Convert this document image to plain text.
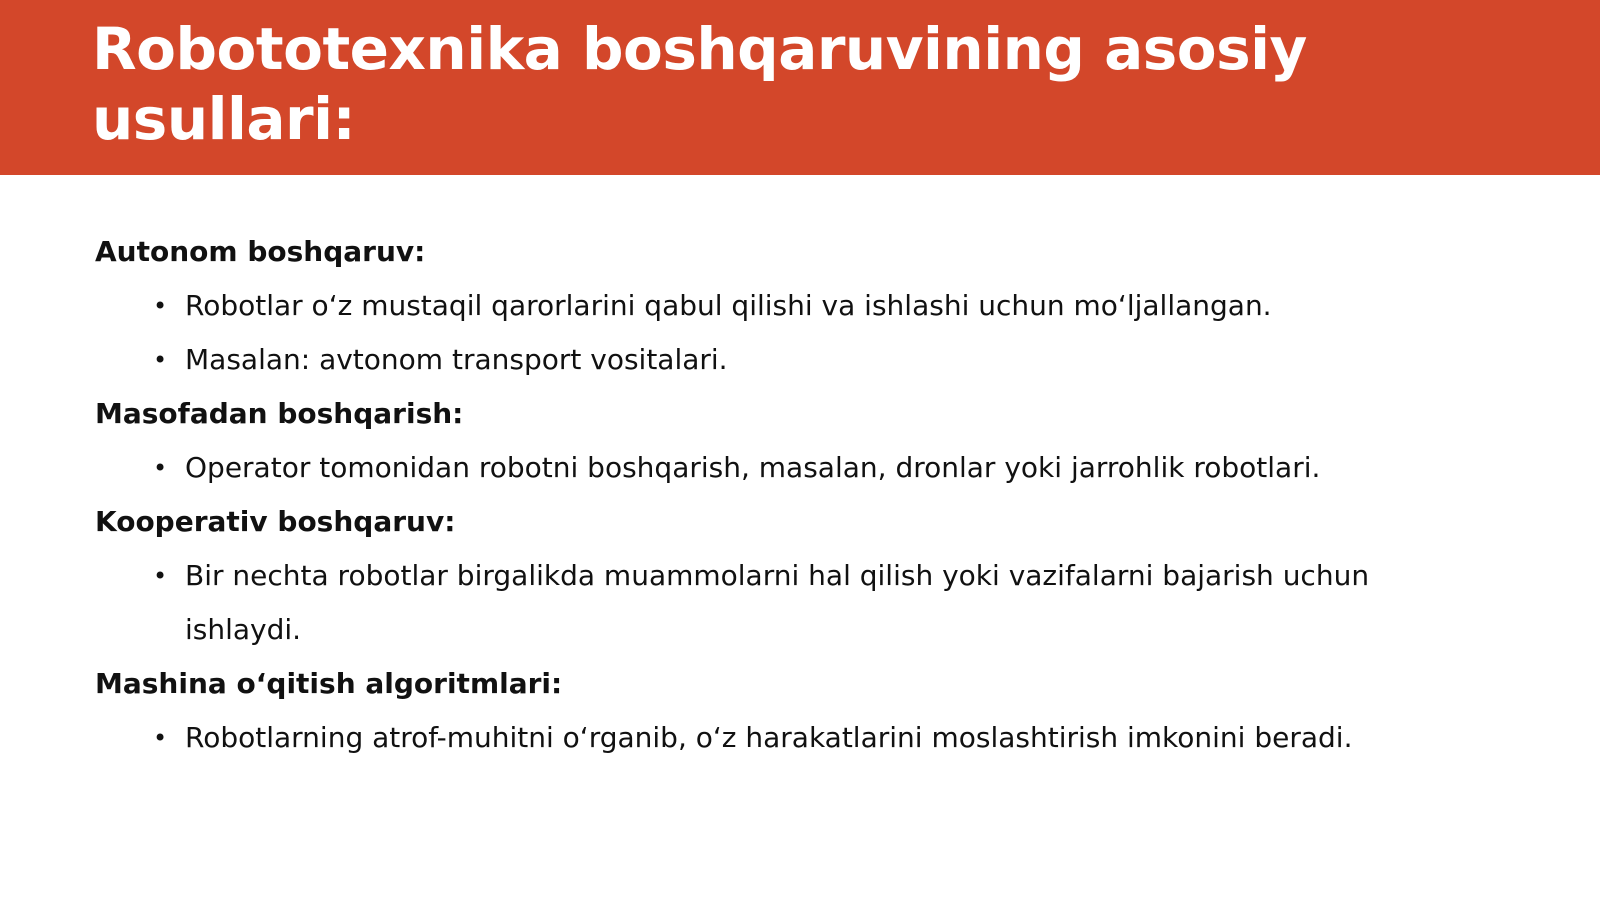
Robototexnika boshqaruvining asosiy usullari:

Autonom boshqaruv:

• Robotlar o‘z mustaqil qarorlarini qabul qilishi va ishlashi uchun mo‘ljallangan.
• Masalan: avtonom transport vositalari.

Masofadan boshqarish:

• Operator tomonidan robotni boshqarish, masalan, dronlar yoki jarrohlik robotlari.

Kooperativ boshqaruv:

• Bir nechta robotlar birgalikda muammolarni hal qilish yoki vazifalarni bajarish uchun ishlaydi.

Mashina o‘qitish algoritmlari:

• Robotlarning atrof-muhitni o‘rganib, o‘z harakatlarini moslashtirish imkonini beradi.
